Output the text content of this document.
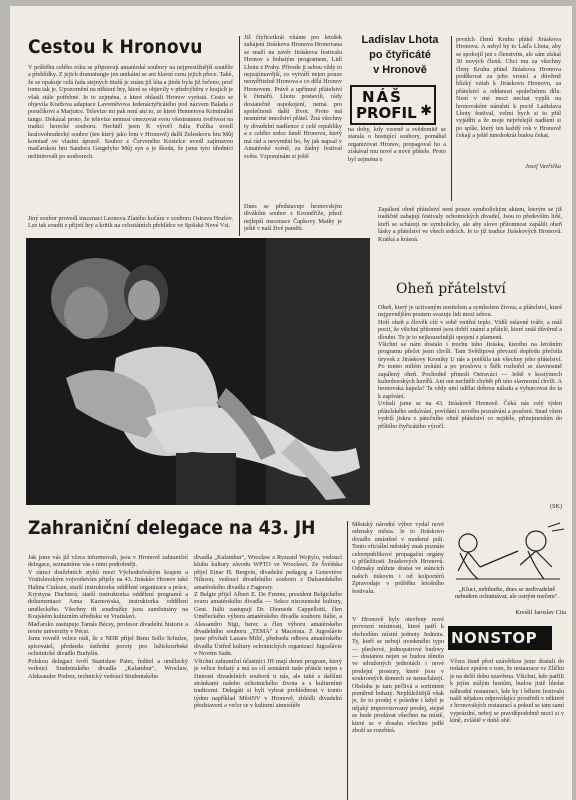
Cestou k Hronovu
V průběhu celého roku se připravují amatérské soubory na nejprestižnější soutěže a přehlídky. Z jejich dramaturgie jen unikátní se ani hlavní cenu jejich přece. Také, že se opakuje celá řada stejných titulů je znám již léta a jinde byla již řečeno, proč tomu tak je. Upozornění na některé hry, které se objevily v předvýběru v krajích je však stále potřebné. Je to zejména, z které ohlasili Hronov vyrůstá. Cesto se objevila Kraftova adaptace Lavreněvova Jedenáctyřicátého pod názvem Balada o poručíkovi a Marjutce. Televize mi pak není ani to, ze které Hennetova Kriminální tango. Dokázal proto, že televize nemusí omezovat svou všestrannou tvořivost na tradici herecké souboru. Nechtěl jsem K výročí Julia Fučíka uvedl kralovohradecký soubor (ten který jako loni v Hronově) další Zelenkovu hru Můj komisař ve vlastní úpravě. Soubor z Červeného Kostelce uvedl zajímavou maďarskou hru Sandora Gergelyho Můj syn a je škoda, že jsme tyto úředníci nežinirovali po souborech.
Jiný soubor provedl inscenaci Leonova Zlatého kočáru v souboru Ostrava Hrušov. Lze tak soudit z přijetí hry a kritik na celostátních přehlídce ve Spišské Nové Vsi.
Již čtyřicetkrát vítáme pro letošek zahájení Jiráskova Hronova Hronovana se snaží na závěr Jiráskova festivalu Hronov s bohatým programem, Lidí Lhotu z Prahy. Přivede ji sebou vždy to nejzajímavější, co vytváří nejen pouze neuvěřitelně Hronova a co dělá Hronov Hronovem. Právě a upřímné přátelství k čtenářů. Lhotu postavili, rády dostatečně uspokojení, nemá pro společnosti další život. Proto má nesmírné množství přátel. Žná všechny ty divadelní nadšence z celé republiky a z celého srdce fandí Hronovu, který má rád a nevymění ho, by jak napsal v Amatérské scéně, za žádný festival světa. Vzpomínám si ještě
Dnes se představuje hronovským divákům soubor z Kroměříže, jehož nejlepší inscenace Čapkovy Matky je ještě v naší živé paměti.
Ladislav Lhota
po čtyřicáté
v Hronově
NÁŠ
PROFIL ✱
na doby, kdy vzorně a svědomitě se starala o hostující soubory, pomáhal organizovat Hronov, propagoval ho a získával mu nové a nové přátele. Proto byl zejména z
prvních členů Kruhu přátel Jiráskova Hronova. A nebyl by to Láďa Lhota, aby se spokojil jen s členstvím, ale sám získal 30 nových členů. Chci mu za všechny členy Kruhu přátel Jiráskova Hronova poděkovat za jeho vroucí a důvěrně blízký vztah k Jiráskovu Hronovu, za přátelství a oddanost společnému dílu. Není v mé moci nechat vyplít na hronovském náměstí k poctě Ladislava Lhoty festival, velmi bych si to přál vyjádřit a že moje nejvřelejší nadšení si po spíše, který ten každý rok v Hronově čekají a ještě mnohokrát budou čekat.
Josef Vavřička
Zapálení ohně přátelství není pouze symbolickým aktem, kterým se již tradičně zahajují festivaly ochotnických divadel, Jsou to především lidé, kteří se scházejí ne symbolicky, ale aby slovo přítomnost zapálili oheň lásky a přátelství ve všech srdcích. Je to již tradice Jiráskových Hronovů. Krátká a krásná.
Oheň přátelství
Oheň, který je uctivaným nositelem a symbolem života, a přátelství, které nejpevnějším poutem svazuje lidi mezi sebou.
Hoří oheň a člověk cítí v sobě vnitřní teplo. Vidíš oslavné tváře, a máš pocit, že všichni přítomní jsou dobří známí a přátelé, které znáš důvěrně a dlouho. To je to nejkouzelnější opojení z plamenů.
Všichni se nám dostalo i trochu toho Jiráska, kterého na letošním programu přečet jsem chvíli. Tam Světlipová převzetí dopředu přečetla úryvek z Jiráskovy Kroniky U nás a potěšila tak všechny jeho přátelství. Po tomto milém uvítání a po proslovu s Štěk rozhořel se slavnostně zapálený oheň. Pochodně přinesli Ostraváci — Ještě v kostýmech kulnohorských havířů. Ani oni nechtěli chybět při této slavnostní chvíli. A hronovská kapela? Ta vždy umí udělat dobrou náladu a vyburcovat do ta k zapívání.
Uvítali jsme se na 43. Jiráskově Hronově. Čeká nás celý týden přátelského setkávání, povídání i nového poznávání a poučení. Snad všem vydrží jiskra z pátečního ohně přátelství co nejdéle, přinejmenším do příštího čtyřicátého výročí.
(SK)
Zahraniční delegace na 43. JH
Jak jsme vás již včera informovali, jsou v Hronově zahraniční delegace, seznamíme vás s nimi podrobněji.
V rámci družebních styků mezi Východočeským krajem a Vratislavským vojvodstvím přijely na 43. Jiráskův Hronov také Halina Ciuksze, starší instruktorka oddělení organizace a práce, Krystyna Duchterá, starší instruktorka oddělení programů a dokumentace Anna Kaznowská, instruktorka oddělení uměleckého. Všechny tři soudružky jsou zaměstnány na Krajském kulturním středisku ve Vratislavi.
Maďarsko zastupuje Tamás Bécsy, profesor divadelní historie a teorie univerzity v Pécsi.
Jsme rovněž velice rádi, že z NDR přijel Benu Sollo Schulze, spisovatel, předseda ústřední poroty pro lužickosrbské ochotnické divadlo Budyšín.
Polskou delegaci tvoří Stanisław Pater, ředitel a umělecký vedoucí Studentského divadla „Kalambur", Wrocław, Aleksander Podrez, technický vedoucí Studentského
divadla „Kalambur", Wrocław a Ryszard Wojtylo, vedoucí klubu kultury závodu WPTO ve Wrocławi. Ze Švédska přijel Einar H. Bergvin, divadelní pedagog a Geneviève Nilsson, vedoucí divadelního souboru z Dalsandského amatérského divadla z Fagersty.
Z Belgie přijel Albert E. De Frenne, president Belgického svazu amatérského divadla — Sekce nizozemské kultury, Gent. Itálii zastupují Dr. Diomede Cappellotti, člen Uměleckého výboru amatérského divadla souboru Itálie, a Alessandro Nigi, herec a člen výboru amatérského divadelního souboru „TEMA" z Macerata. Z Jugoslávie jsme přivítali Lazara Milić, předsedu odboru amatérského divadla Ústřed kultury ochotnických organizací Jugoslávie v Novém Sadu.
Všichni zahraniční účastníci JH mají denní program, který je velice bohatý a má za cíl seznámit naše přátele nejen s činností divadelních souborů u nás, ale také s dalšími stránkami našeho ochotnického života a s kulturními tradicemi. Delegáti si byli vybrat prohlédnout v tomto týdnu například MěstNV v Hronově, zhlédli divadelní představení a večer se v kulturní atmosféře
Městský národní výbor vydal nové odznaky města. Je to Jiráskovo divadlo umístěné v moderní poli. Tento oficiální městský znak poznáte celorepublikové propagační orgány u příležitosti Jiráskových Hronovů. Odznaky můžete dostat ve stáncích našich tiskovin i od kolportérů Zpravodaje v průběhu letošního festivalu.
V Hronově byly otevřeny nové provozní místnosti, které patří k obchodům místní jednoty Jednota. Ty, kteří se nebojí uvedeného typu — plechové, jednopatrové budovy — dostanou nejen se budou těmito ve sdružených jednotách i nové prodejní prostory, které jsou v soukromých domech se nenacházejí. Obsluha je tam pečlivá a sortiment poměrně bohatý. Nejdůležitější však je, že to prodej v poledne i když je nějaký improvizovaný prodej, stejně se bude prodávat všechno na místě, které se v dosahu všechno jedlé zboží se rozebírá.
„Kluci, nebihněte, dnes se nedivadelně nebudem ochutnávat, ale ostrým mečem".
Kreslil Jaroslav Cita
NONSTOP
Včera tisně před uzávěrkou jsme dostali do redakce zprávu o tom, že restaurace ve Zlíčku je na delší dobu uzavřena. Všichni, kdo patřili k jejím stálým hostům, budou jistě hledat náhradní restauraci, kde by i během festivalu našli nějakou odpovídající prostředí v některé z hronovských restaurací a pokud se tam samí vyprázdní, neboj se pravděpodobně moci si v kině, zvláště v době obě.
